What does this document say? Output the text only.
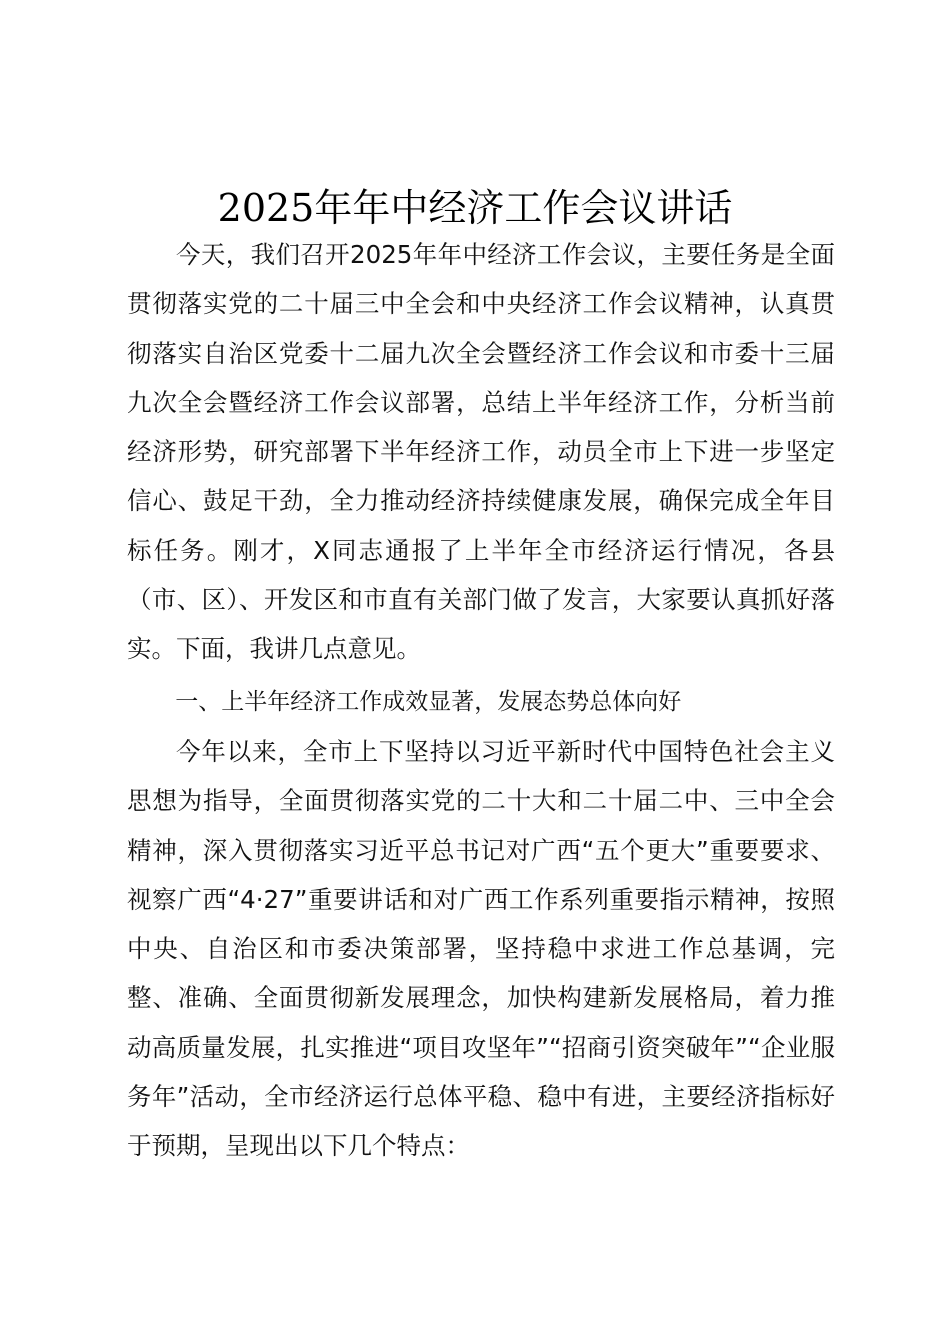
2025年年中经济工作会议讲话

今天，我们召开2025年年中经济工作会议，主要任务是全面贯彻落实党的二十届三中全会和中央经济工作会议精神，认真贯彻落实自治区党委十二届九次全会暨经济工作会议和市委十三届九次全会暨经济工作会议部署，总结上半年经济工作，分析当前经济形势，研究部署下半年经济工作，动员全市上下进一步坚定信心、鼓足干劲，全力推动经济持续健康发展，确保完成全年目标任务。刚才，X同志通报了上半年全市经济运行情况，各县（市、区）、开发区和市直有关部门做了发言，大家要认真抓好落实。下面，我讲几点意见。

一、上半年经济工作成效显著，发展态势总体向好

今年以来，全市上下坚持以习近平新时代中国特色社会主义思想为指导，全面贯彻落实党的二十大和二十届二中、三中全会精神，深入贯彻落实习近平总书记对广西“五个更大”重要要求、视察广西“4·27”重要讲话和对广西工作系列重要指示精神，按照中央、自治区和市委决策部署，坚持稳中求进工作总基调，完整、准确、全面贯彻新发展理念，加快构建新发展格局，着力推动高质量发展，扎实推进“项目攻坚年”“招商引资突破年”“企业服务年”活动，全市经济运行总体平稳、稳中有进，主要经济指标好于预期，呈现出以下几个特点：
